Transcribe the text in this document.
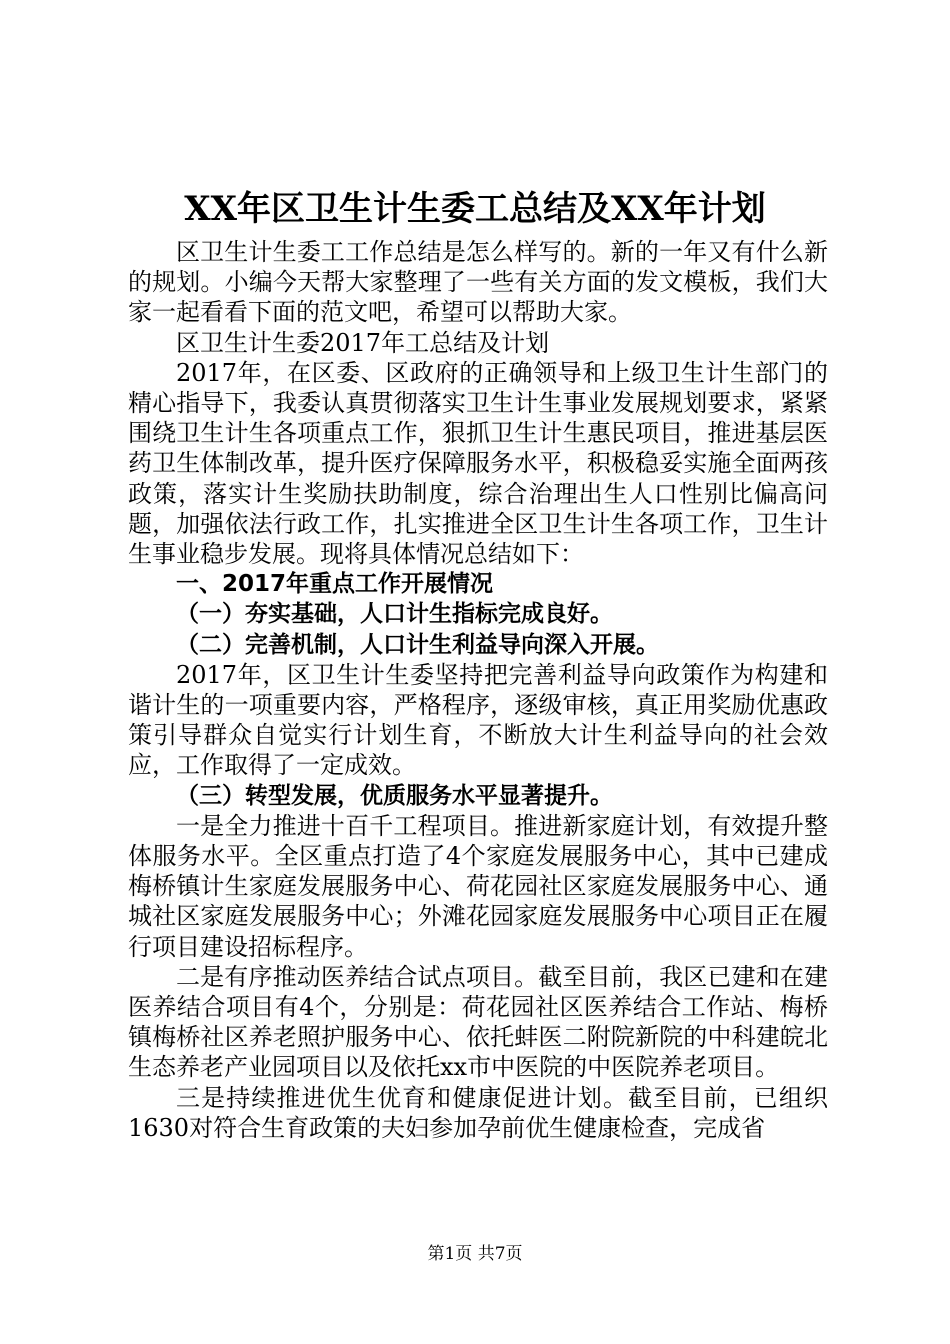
XX年区卫生计生委工总结及XX年计划

区卫生计生委工工作总结是怎么样写的。新的一年又有什么新的规划。小编今天帮大家整理了一些有关方面的发文模板，我们大家一起看看下面的范文吧，希望可以帮助大家。

区卫生计生委2017年工总结及计划

2017年，在区委、区政府的正确领导和上级卫生计生部门的精心指导下，我委认真贯彻落实卫生计生事业发展规划要求，紧紧围绕卫生计生各项重点工作，狠抓卫生计生惠民项目，推进基层医药卫生体制改革，提升医疗保障服务水平，积极稳妥实施全面两孩政策，落实计生奖励扶助制度，综合治理出生人口性别比偏高问题，加强依法行政工作，扎实推进全区卫生计生各项工作，卫生计生事业稳步发展。现将具体情况总结如下：

一、2017年重点工作开展情况

（一）夯实基础，人口计生指标完成良好。

（二）完善机制，人口计生利益导向深入开展。

2017年，区卫生计生委坚持把完善利益导向政策作为构建和谐计生的一项重要内容，严格程序，逐级审核，真正用奖励优惠政策引导群众自觉实行计划生育，不断放大计生利益导向的社会效应，工作取得了一定成效。

（三）转型发展，优质服务水平显著提升。

一是全力推进十百千工程项目。推进新家庭计划，有效提升整体服务水平。全区重点打造了4个家庭发展服务中心，其中已建成梅桥镇计生家庭发展服务中心、荷花园社区家庭发展服务中心、通城社区家庭发展服务中心；外滩花园家庭发展服务中心项目正在履行项目建设招标程序。

二是有序推动医养结合试点项目。截至目前，我区已建和在建医养结合项目有4个，分别是：荷花园社区医养结合工作站、梅桥镇梅桥社区养老照护服务中心、依托蚌医二附院新院的中科建皖北生态养老产业园项目以及依托xx市中医院的中医院养老项目。

三是持续推进优生优育和健康促进计划。截至目前，已组织1630对符合生育政策的夫妇参加孕前优生健康检查，完成省

第1页 共7页
